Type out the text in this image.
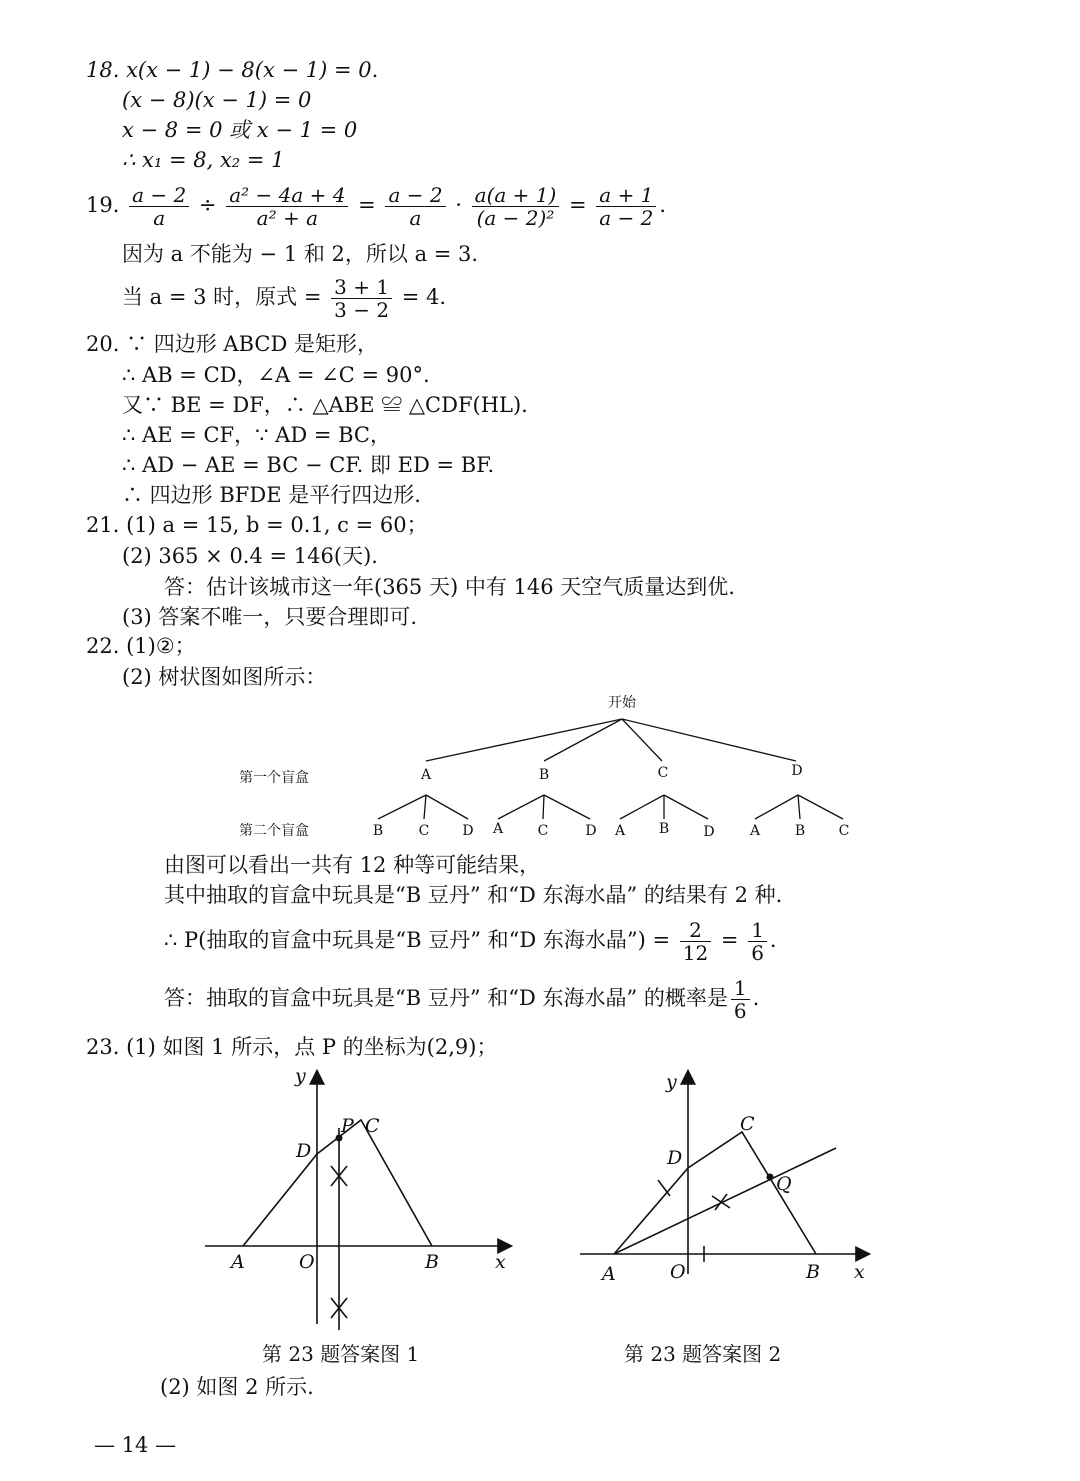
18. x(x − 1) − 8(x − 1) = 0.
(x − 8)(x − 1) = 0
x − 8 = 0 或 x − 1 = 0
∴ x₁ = 8, x₂ = 1
19. $\frac{a - 2}{a} \div \frac{\text{a² − 4a + 4}}{\text{a² + a}} = \frac{a - 2}{a} \cdot \frac{a(a + 1)}{\text{(a − 2)²}} = \frac{a + 1}{a - 2}$ .
因为 a 不能为 − 1 和 2，所以 a = 3.
当 a = 3 时，原式 = $\frac{3 + 1}{3 - 2} = 4$.
20. ∵ 四边形 ABCD 是矩形，
∴ AB = CD，∠A = ∠C = 90°.
又∵ BE = DF，∴ △ABE ≌ △CDF(HL).
∴ AE = CF，∵ AD = BC，
∴ AD − AE = BC − CF. 即 ED = BF.
∴ 四边形 BFDE 是平行四边形.
21. (1) a = 15, b = 0.1, c = 60；
(2) 365 × 0.4 = 146(天).
答：估计该城市这一年(365 天) 中有 146 天空气质量达到优.
(3) 答案不唯一，只要合理即可.
22. (1)②；
(2) 树状图如图所示：
开始
第一个盲盒
第二个盲盒
A	B	C	D
B	C D A C	D A B D	A B C
由图可以看出一共有 12 种等可能结果，
其中抽取的盲盒中玩具是“B 豆丹” 和“D 东海水晶” 的结果有 2 种.
∴ P(抽取的盲盒中玩具是“B 豆丹” 和“D 东海水晶”) = $\frac{2}{12} = \frac{1}{6}$ .
答：抽取的盲盒中玩具是“B 豆丹” 和“D 东海水晶” 的概率是 $\frac{1}{6}$ .
23. (1) 如图 1 所示，点 P 的坐标为(2,9)；
y
x
O
A	B
C
D
P
第 23 题答案图 1
y
x
O
A	B
C
D
Q
第 23 题答案图 2
(2) 如图 2 所示.
— 14 —
